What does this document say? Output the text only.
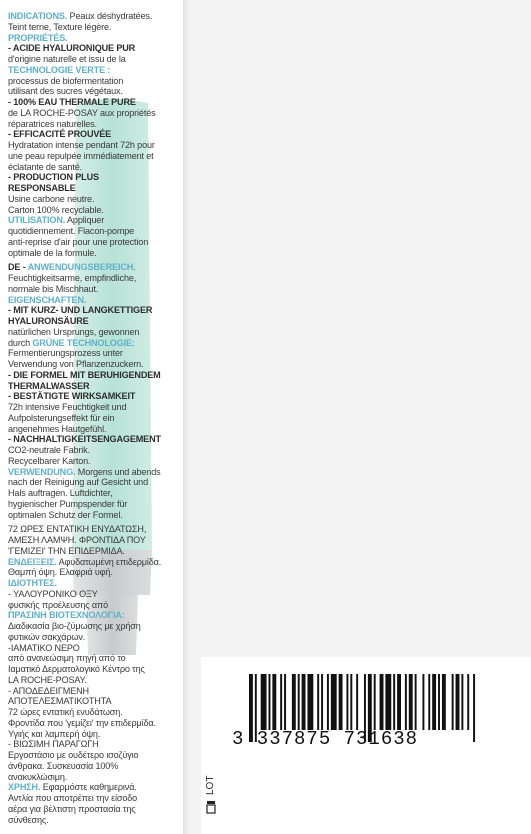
INDICATIONS. Peaux déshydratées.
Teint terne, Texture légère.
PROPRIÉTÉS.
- ACIDE HYALURONIQUE PUR
d'origine naturelle et issu de la
TECHNOLOGIE VERTE :
processus de biofermentation
utilisant des sucres végétaux.
- 100% EAU THERMALE PURE
de LA ROCHE-POSAY aux propriétés
réparatrices naturelles.
- EFFICACITÉ PROUVÉE
Hydratation intense pendant 72h pour
une peau repulpée immédiatement et
éclatante de santé.
- PRODUCTION PLUS
RESPONSABLE
Usine carbone neutre.
Carton 100% recyclable.
UTILISATION. Appliquer
quotidiennement. Flacon-pompe
anti-reprise d'air pour une protection
optimale de la formule.
DE - ANWENDUNGSBEREICH.
Feuchtigkeitsarme, empfindliche,
normale bis Mischhaut.
EIGENSCHAFTEN.
- MIT KURZ- UND LANGKETTIGER
HYALURONSÄURE
natürlichen Ursprungs, gewonnen
durch GRÜNE TECHNOLOGIE:
Fermentierungsprozess unter
Verwendung von Pflanzenzuckern.
- DIE FORMEL MIT BERUHIGENDEM
THERMALWASSER
- BESTÄTIGTE WIRKSAMKEIT
72h intensive Feuchtigkeit und
Aufpolsterungseffekt für ein
angenehmes Hautgefühl.
- NACHHALTIGKEITSENGAGEMENT
CO2-neutrale Fabrik.
Recycelbarer Karton.
VERWENDUNG. Morgens und abends
nach der Reinigung auf Gesicht und
Hals auftragen. Luftdichter,
hygienischer Pumpspender für
optimalen Schutz der Formel.
72 ΩΡΕΣ ΕΝΤΑΤΙΚΗ ΕΝΥΔΑΤΩΣΗ,
ΑΜΕΣΗ ΛΑΜΨΗ. ΦΡΟΝΤΙΔΑ ΠΟΥ
'ΓΕΜΙΖΕΙ' ΤΗΝ ΕΠΙΔΕΡΜΙΔΑ.
ΕΝΔΕΙΞΕΙΣ. Αφυδατωμένη επιδερμίδα.
Θαμπή όψη. Ελαφριά υφή.
ΙΔΙΟΤΗΤΕΣ.
- ΥΑΛΟΥΡΟΝΙΚΟ ΟΞΥ
φυσικής προέλευσης από
ΠΡΑΣΙΝΗ ΒΙΟΤΕΧΝΟΛΟΓΙΑ:
Διαδικασία βιο-ζύμωσης με χρήση
φυτικών σακχάρων.
-ΙΑΜΑΤΙΚΟ ΝΕΡΟ
από ανανεώσιμη πηγή από το
Ιαματικό Δερματολογικό Κέντρο της
LA ROCHE-POSAY.
- ΑΠΟΔΕΔΕΙΓΜΕΝΗ
ΑΠΟΤΕΛΕΣΜΑΤΙΚΟΤΗΤΑ
72 ώρες εντατική ενυδάτωση.
Φροντίδα που 'γεμίζει' την επιδερμίδα.
Υγιής και λαμπερή όψη.
- ΒΙΩΣΙΜΗ ΠΑΡΑΓΩΓΗ
Εργοστάσιο με ουδέτερο ισοζύγιο
άνθρακα. Συσκευασία 100%
ανακυκλώσιμη.
ΧΡΗΣΗ. Εφαρμόστε καθημερινά.
Αντλία που αποτρέπει την είσοδο
αέρα για βέλτιστη προστασία της
σύνθεσης.
3 337875 731638
LOT
